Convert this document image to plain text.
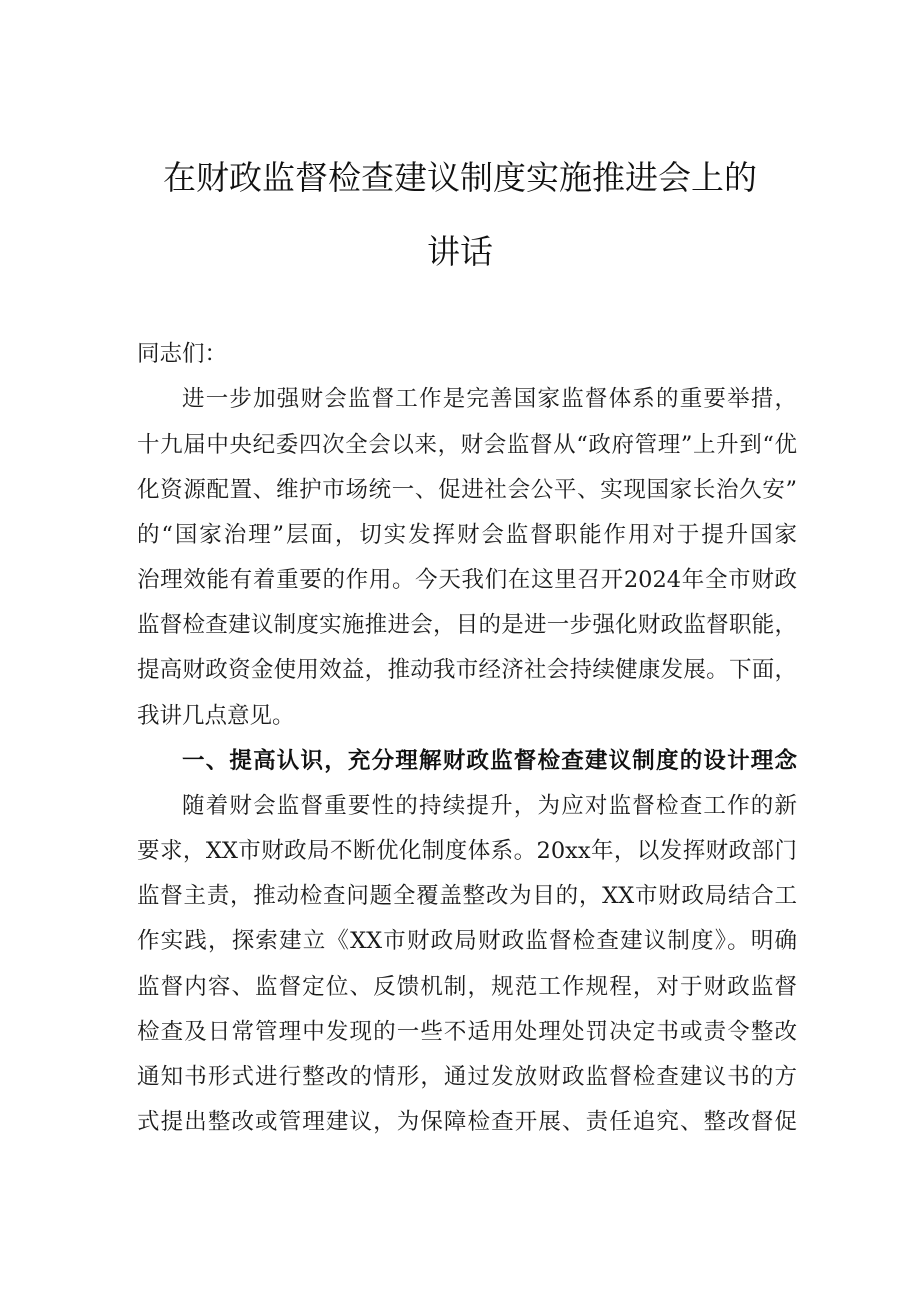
在财政监督检查建议制度实施推进会上的
讲话
同志们：
进一步加强财会监督工作是完善国家监督体系的重要举措，
十九届中央纪委四次全会以来，财会监督从“政府管理”上升到“优
化资源配置、维护市场统一、促进社会公平、实现国家长治久安”
的“国家治理”层面，切实发挥财会监督职能作用对于提升国家
治理效能有着重要的作用。今天我们在这里召开2024年全市财政
监督检查建议制度实施推进会，目的是进一步强化财政监督职能，
提高财政资金使用效益，推动我市经济社会持续健康发展。下面，
我讲几点意见。
一、提高认识，充分理解财政监督检查建议制度的设计理念
随着财会监督重要性的持续提升，为应对监督检查工作的新
要求，XX市财政局不断优化制度体系。20xx年，以发挥财政部门
监督主责，推动检查问题全覆盖整改为目的，XX市财政局结合工
作实践，探索建立《XX市财政局财政监督检查建议制度》。明确
监督内容、监督定位、反馈机制，规范工作规程，对于财政监督
检查及日常管理中发现的一些不适用处理处罚决定书或责令整改
通知书形式进行整改的情形，通过发放财政监督检查建议书的方
式提出整改或管理建议，为保障检查开展、责任追究、整改督促
